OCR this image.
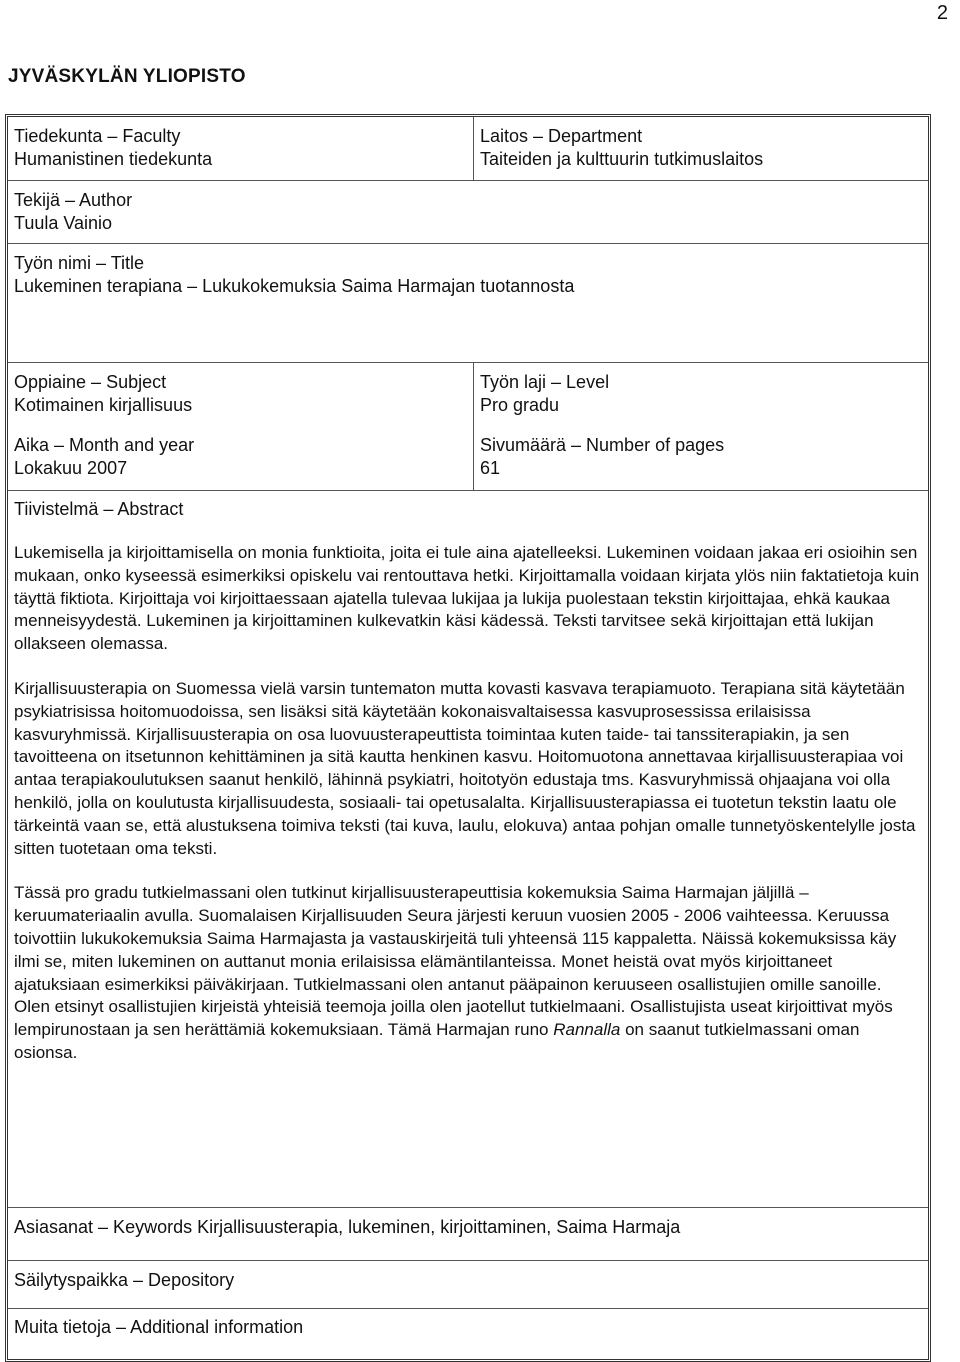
2
JYVÄSKYLÄN YLIOPISTO
Tiedekunta – Faculty
Humanistinen tiedekunta
Laitos – Department
Taiteiden ja kulttuurin tutkimuslaitos
Tekijä – Author
Tuula Vainio
Työn nimi – Title
Lukeminen terapiana – Lukukokemuksia Saima Harmajan tuotannosta
Oppiaine – Subject
Kotimainen kirjallisuus
Työn laji – Level
Pro gradu
Aika – Month and year
Lokakuu 2007
Sivumäärä – Number of pages
61
Tiivistelmä – Abstract

Lukemisella ja kirjoittamisella on monia funktioita, joita ei tule aina ajatelleeksi. Lukeminen voidaan jakaa eri osioihin sen mukaan, onko kyseessä esimerkiksi opiskelu vai rentouttava hetki. Kirjoittamalla voidaan kirjata ylös niin faktatietoja kuin täyttä fiktiota. Kirjoittaja voi kirjoittaessaan ajatella tulevaa lukijaa ja lukija puolestaan tekstin kirjoittajaa, ehkä kaukaa menneisyydestä. Lukeminen ja kirjoittaminen kulkevatkin käsi kädessä. Teksti tarvitsee sekä kirjoittajan että lukijan ollakseen olemassa.

Kirjallisuusterapia on Suomessa vielä varsin tuntematon mutta kovasti kasvava terapiamuoto. Terapiana sitä käytetään psykiatrisissa hoitomuodoissa, sen lisäksi sitä käytetään kokonaisvaltaisessa kasvuprosessissa erilaisissa kasvuryhmissä. Kirjallisuusterapia on osa luovuusterapeuttista toimintaa kuten taide- tai tanssiterapiakin, ja sen tavoitteena on itsetunnon kehittäminen ja sitä kautta henkinen kasvu. Hoitomuotona annettavaa kirjallisuusterapiaa voi antaa terapiakoulutuksen saanut henkilö, lähinnä psykiatri, hoitotyön edustaja tms. Kasvuryhmissä ohjaajana voi olla henkilö, jolla on koulutusta kirjallisuudesta, sosiaali- tai opetusalalta. Kirjallisuusterapiassa ei tuotetun tekstin laatu ole tärkeintä vaan se, että alustuksena toimiva teksti (tai kuva, laulu, elokuva) antaa pohjan omalle tunnetyöskentelylle josta sitten tuotetaan oma teksti.

Tässä pro gradu tutkielmassani olen tutkinut kirjallisuusterapeuttisia kokemuksia Saima Harmajan jäljillä – keruumateriaalin avulla. Suomalaisen Kirjallisuuden Seura järjesti keruun vuosien 2005 - 2006 vaihteessa. Keruussa toivottiin lukukokemuksia Saima Harmajasta ja vastauskirjeitä tuli yhteensä 115 kappaletta. Näissä kokemuksissa käy ilmi se, miten lukeminen on auttanut monia erilaisissa elämäntilanteissa. Monet heistä ovat myös kirjoittaneet ajatuksiaan esimerkiksi päiväkirjaan. Tutkielmassani olen antanut pääpainon keruuseen osallistujien omille sanoille. Olen etsinyt osallistujien kirjeistä yhteisiä teemoja joilla olen jaotellut tutkielmaani. Osallistujista useat kirjoittivat myös lempirunostaan ja sen herättämiä kokemuksiaan. Tämä Harmajan runo Rannalla on saanut tutkielmassani oman osionsa.

Asiasanat – Keywords Kirjallisuusterapia, lukeminen, kirjoittaminen, Saima Harmaja
Säilytyspaikka – Depository
Muita tietoja – Additional information
